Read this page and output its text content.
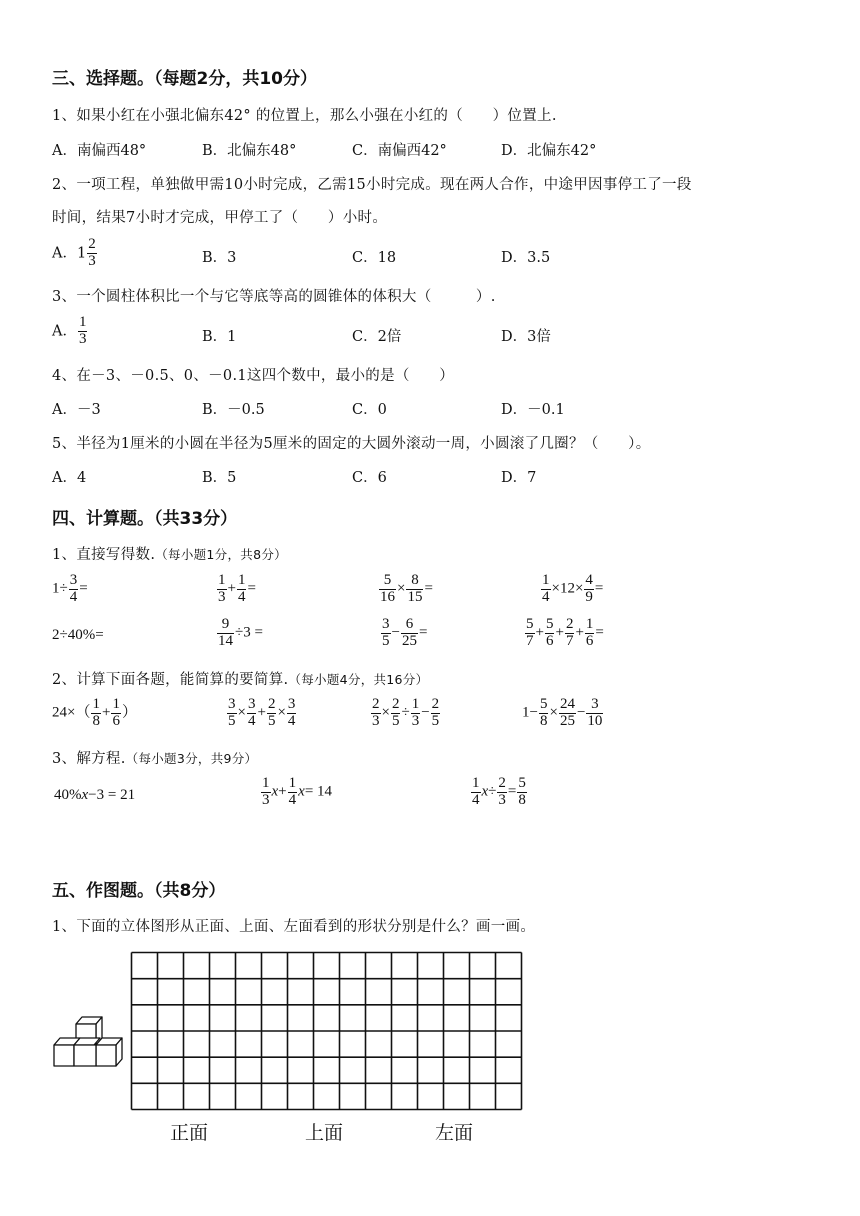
三、选择题。（每题2分，共10分）
1、如果小红在小强北偏东42° 的位置上，那么小强在小红的（　　）位置上.
A．南偏西48°	B．北偏东48°	C．南偏西42°	D．北偏东42°
2、一项工程，单独做甲需10小时完成，乙需15小时完成。现在两人合作，中途甲因事停工了一段
时间，结果7小时才完成，甲停工了（　　）小时。
A．$1 \frac{2}{3}$	B．3	C．18	D．3.5
3、一个圆柱体积比一个与它等底等高的圆锥体的体积大（　　　）.
A． $\frac{1}{3}$	B．1	C．2倍	D．3倍
4、在－3、－0.5、0、－0.1这四个数中，最小的是（　　）
A．－3	B．－0.5	C．0	D．－0.1
5、半径为1厘米的小圆在半径为5厘米的固定的大圆外滚动一周，小圆滚了几圈？（　　）。
A．4	B．5	C．6	D．7
四、计算题。（共33分）
1、直接写得数.（每小题1分，共8分）
$1\div \frac{3}{4}$ =	$\frac{1}{3} + \frac{1}{4}$ =	$\frac{5}{16} \times \frac{8}{15}$ =	$\frac{1}{4} \times 12\times \frac{4}{9}$ =
2÷40%=	$\frac{9}{14} \div 3$ =	$\frac{3}{5} - \frac{6}{25}$ =	$\frac{5}{7} + \frac{5}{6} + \frac{2}{7} + \frac{1}{6}$ =
2、计算下面各题，能简算的要简算.（每小题4分，共16分）
$24\times( \frac{1}{8} + \frac{1}{6}$ ）	$\frac{3}{5} \times \frac{3}{4} + \frac{2}{5} \times \frac{3}{4}$	$\frac{2}{3} \times \frac{2}{5} \div \frac{1}{3} - \frac{2}{5}$	$1- \frac{5}{8} \times \frac{24}{25} - \frac{3}{10}$
3、解方程.（每小题3分，共9分）
40%x−3 = 21	$\frac{1}{3} x+ \frac{1}{4} x= 14$	$\frac{1}{4} x\div \frac{2}{3} = \frac{5}{8}$
五、作图题。（共8分）
1、下面的立体图形从正面、上面、左面看到的形状分别是什么？画一画。
正面	上面	左面
